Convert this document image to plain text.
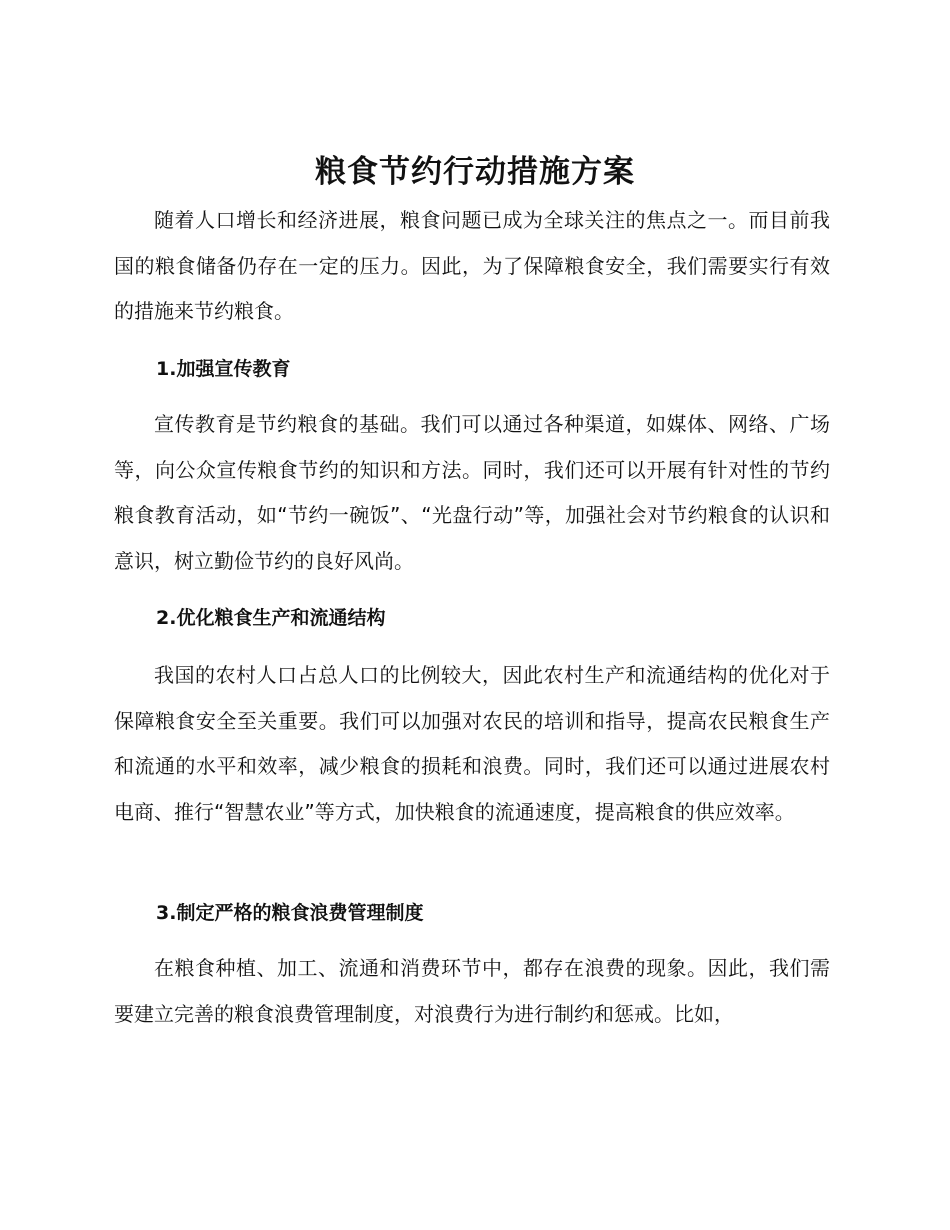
粮食节约行动措施方案

随着人口增长和经济进展，粮食问题已成为全球关注的焦点之一。而目前我国的粮食储备仍存在一定的压力。因此，为了保障粮食安全，我们需要实行有效的措施来节约粮食。

1.加强宣传教育

宣传教育是节约粮食的基础。我们可以通过各种渠道，如媒体、网络、广场等，向公众宣传粮食节约的知识和方法。同时，我们还可以开展有针对性的节约粮食教育活动，如“节约一碗饭”、“光盘行动”等，加强社会对节约粮食的认识和意识，树立勤俭节约的良好风尚。

2.优化粮食生产和流通结构

我国的农村人口占总人口的比例较大，因此农村生产和流通结构的优化对于保障粮食安全至关重要。我们可以加强对农民的培训和指导，提高农民粮食生产和流通的水平和效率，减少粮食的损耗和浪费。同时，我们还可以通过进展农村电商、推行“智慧农业”等方式，加快粮食的流通速度，提高粮食的供应效率。

3.制定严格的粮食浪费管理制度

在粮食种植、加工、流通和消费环节中，都存在浪费的现象。因此，我们需要建立完善的粮食浪费管理制度，对浪费行为进行制约和惩戒。比如，
